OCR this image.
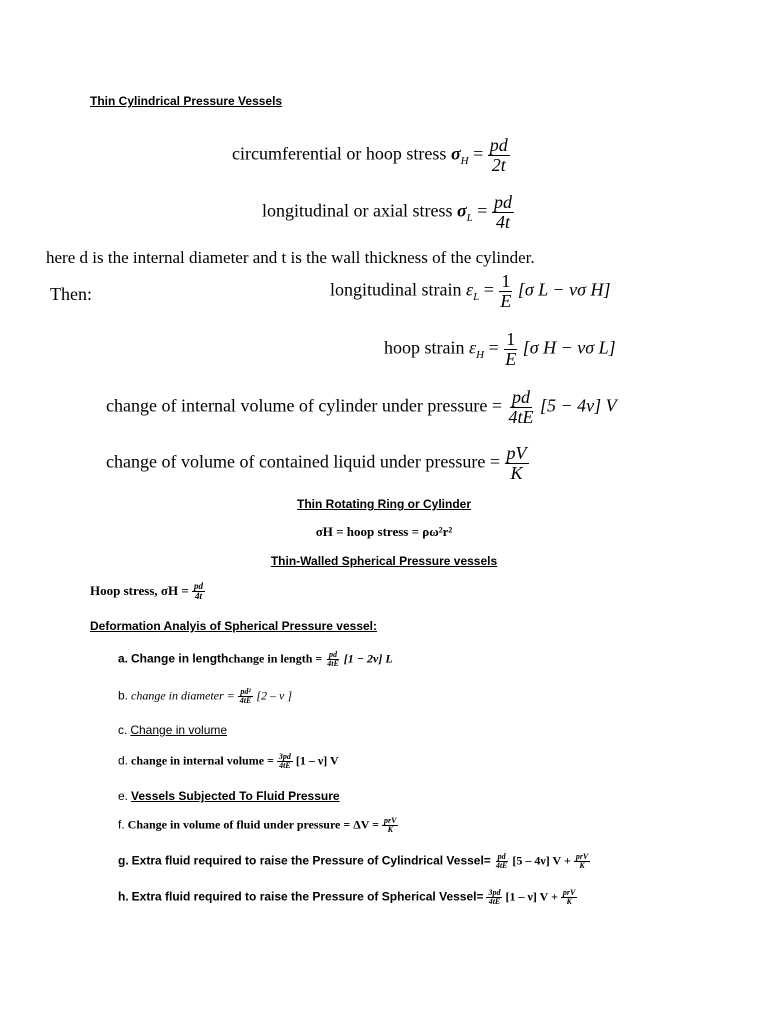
Thin Cylindrical Pressure Vessels
circumferential or hoop stress $\sigma_H = \frac{pd}{2t}$
longitudinal or axial stress $\sigma_L = \frac{pd}{4t}$
here d is the internal diameter and t is the wall thickness of the cylinder.
Then:	longitudinal strain $\varepsilon_L = \frac{1}{E} [\sigma$ L − νσ H]
hoop strain $\varepsilon_H = \frac{1}{E} [\sigma$ H − νσ L]
change of internal volume of cylinder under pressure = $\frac{pd}{4tE} [5 - 4\nu]$ V
change of volume of contained liquid under pressure = $\frac{pV}{K}$
Thin Rotating Ring or Cylinder
σH = hoop stress = ρω²r²
Thin-Walled Spherical Pressure vessels
Hoop stress, $\sigma H = \frac{pd}{4t}$
Deformation Analyis of Spherical Pressure vessel:
a. Change in lengthchange in length = $\frac{pd}{4tE} [1 - 2\nu]$ L
b. change in diameter = $\frac{\text{pd²}}{4tE} [2$ – ν ]
c. Change in volume
d. change in internal volume = $\frac{3pd}{4tE} [1 - \nu]$ V
e. Vessels Subjected To Fluid Pressure
f. Change in volume of fluid under pressure = $\Delta V = \frac{\text{prV}}{K}$
g. Extra fluid required to raise the Pressure of Cylindrical Vessel= $\frac{pd}{4tE} [5 - 4\nu] V + \frac{\text{prV}}{K}$
h. Extra fluid required to raise the Pressure of Spherical Vessel= $\frac{3pd}{4tE} [1 - \nu] V + \frac{\text{prV}}{K}$
